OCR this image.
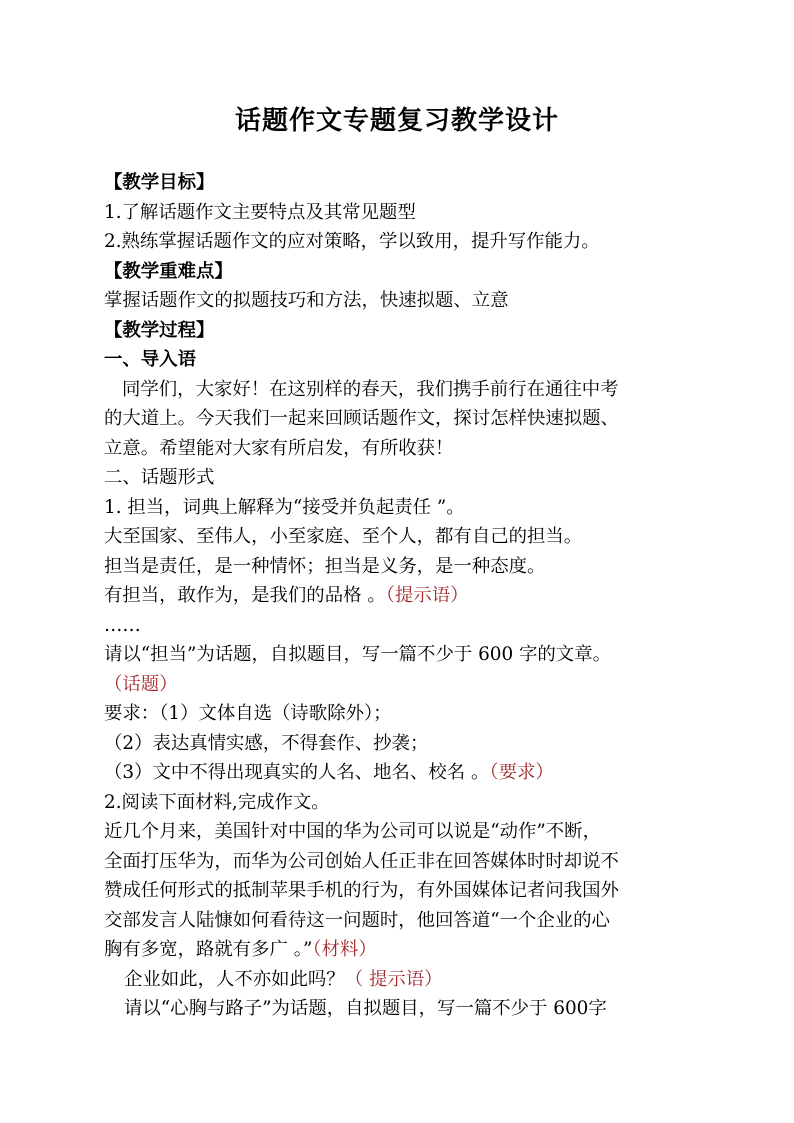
话题作文专题复习教学设计
【教学目标】
1.了解话题作文主要特点及其常见题型
2.熟练掌握话题作文的应对策略，学以致用，提升写作能力。
【教学重难点】
掌握话题作文的拟题技巧和方法，快速拟题、立意
【教学过程】
一、导入语
同学们，大家好！在这别样的春天，我们携手前行在通往中考
的大道上。今天我们一起来回顾话题作文，探讨怎样快速拟题、
立意。希望能对大家有所启发，有所收获！
二、话题形式
1. 担当，词典上解释为“接受并负起责任 ”。
大至国家、至伟人，小至家庭、至个人，都有自己的担当。
担当是责任，是一种情怀；担当是义务，是一种态度。
有担当，敢作为，是我们的品格 。（提示语）
……
请以“担当”为话题，自拟题目，写一篇不少于 600 字的文章。
（话题）
要求：（1）文体自选（诗歌除外）；
（2）表达真情实感，不得套作、抄袭；
（3）文中不得出现真实的人名、地名、校名 。（要求）
2.阅读下面材料,完成作文。
近几个月来，美国针对中国的华为公司可以说是“动作”不断，
全面打压华为，而华为公司创始人任正非在回答媒体时时却说不
赞成任何形式的抵制苹果手机的行为，有外国媒体记者问我国外
交部发言人陆慷如何看待这一问题时，他回答道“一个企业的心
胸有多宽，路就有多广 。”（材料）
企业如此，人不亦如此吗？（ 提示语）
请以“心胸与路子”为话题，自拟题目，写一篇不少于 600字
